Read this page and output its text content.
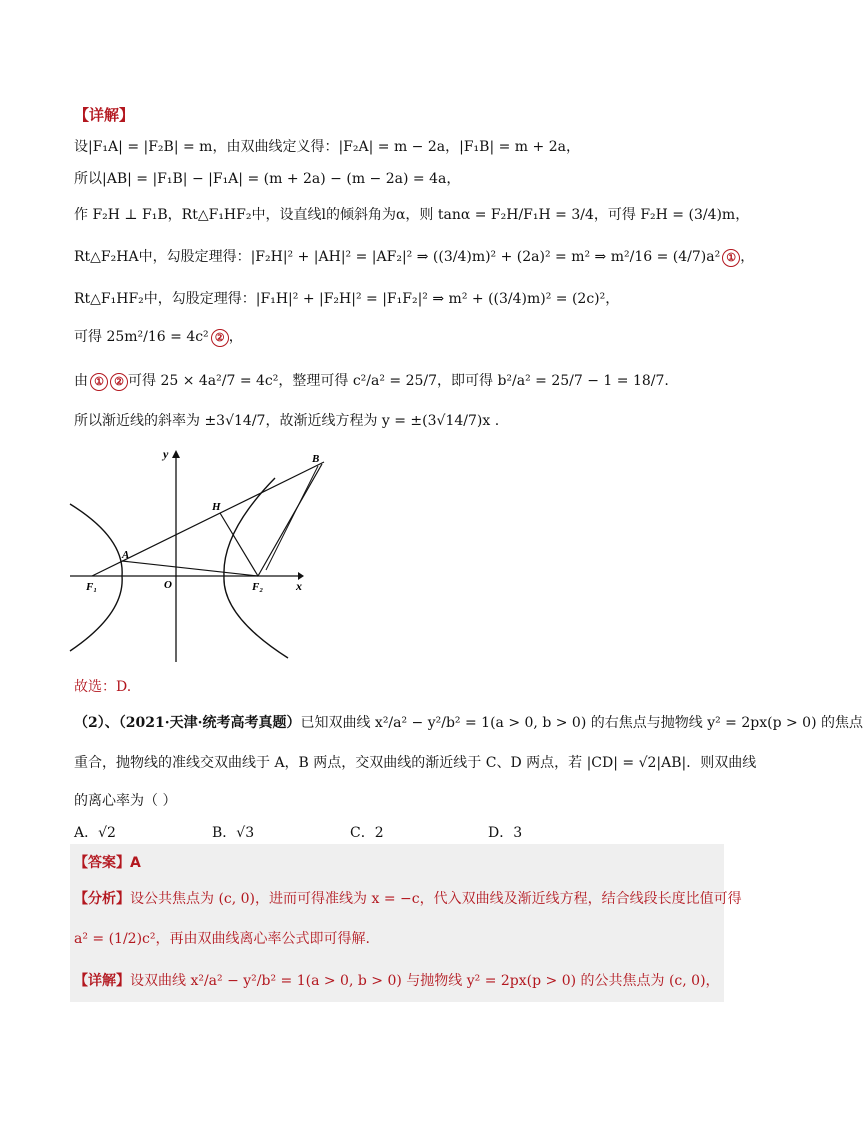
【详解】
设|F₁A| = |F₂B| = m，由双曲线定义得：|F₂A| = m − 2a，|F₁B| = m + 2a，
所以|AB| = |F₁B| − |F₁A| = (m + 2a) − (m − 2a) = 4a，
作 F₂H ⊥ F₁B，Rt△F₁HF₂中，设直线l的倾斜角为α，则 tanα = F₂H/F₁H = 3/4，可得 F₂H = (3/4)m，
Rt△F₂HA中，勾股定理得：|F₂H|² + |AH|² = |AF₂|² ⇒ ((3/4)m)² + (2a)² = m² ⇒ m²/16 = (4/7)a² ① ，
Rt△F₁HF₂中，勾股定理得：|F₁H|² + |F₂H|² = |F₁F₂|² ⇒ m² + ((3/4)m)² = (2c)²，
可得 25m²/16 = 4c² ② ，
由 ① ② 可得 25 × 4a²/7 = 4c²，整理可得 c²/a² = 25/7，即可得 b²/a² = 25/7 − 1 = 18/7.
所以渐近线的斜率为 ±3√14/7，故渐近线方程为 y = ±(3√14/7)x .
y
x
O
A
B
H
F₁	F₂
故选：D.
（2）、（2021·天津·统考高考真题）已知双曲线 x²/a² − y²/b² = 1(a > 0, b > 0) 的右焦点与抛物线 y² = 2px(p > 0) 的焦点
重合，抛物线的准线交双曲线于 A，B 两点，交双曲线的渐近线于 C、D 两点，若 |CD| = √2|AB|．则双曲线
的离心率为（ ）
A．√2	B．√3	C．2	D．3
【答案】A
【分析】设公共焦点为 (c, 0)，进而可得准线为 x = −c，代入双曲线及渐近线方程，结合线段长度比值可得
a² = (1/2)c²，再由双曲线离心率公式即可得解.
【详解】设双曲线 x²/a² − y²/b² = 1(a > 0, b > 0) 与抛物线 y² = 2px(p > 0) 的公共焦点为 (c, 0)，
